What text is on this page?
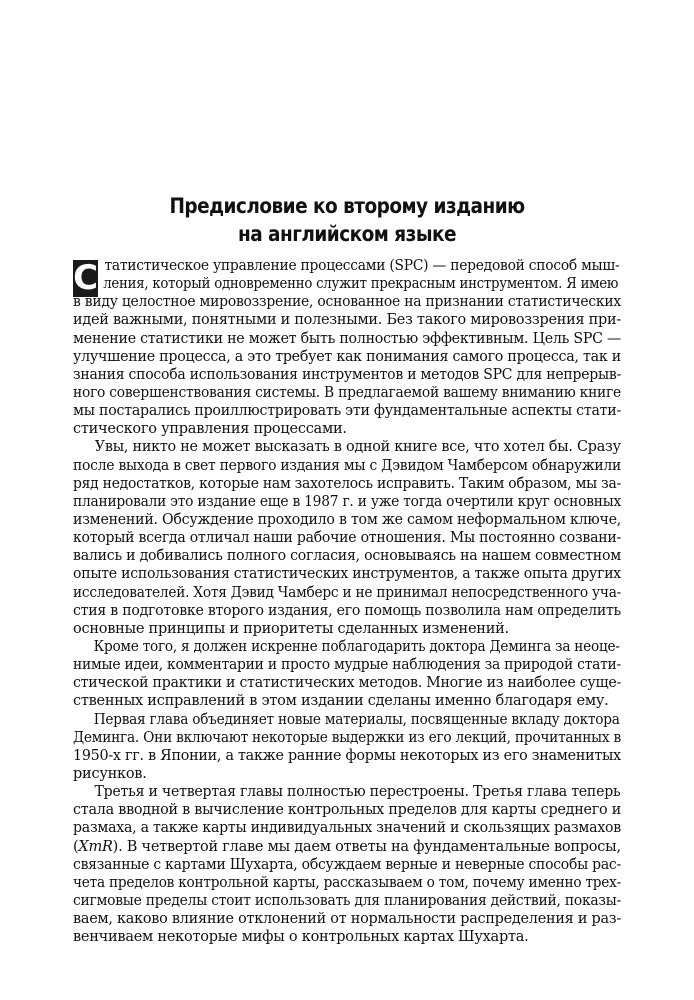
Предисловие ко второму изданию
на английском языке
С татистическое управление процессами (SPC) — передовой способ мыш-
ления, который одновременно служит прекрасным инструментом. Я имею
в виду целостное мировоззрение, основанное на признании статистических
идей важными, понятными и полезными. Без такого мировоззрения при-
менение статистики не может быть полностью эффективным. Цель SPC —
улучшение процесса, а это требует как понимания самого процесса, так и
знания способа использования инструментов и методов SPC для непрерыв-
ного совершенствования системы. В предлагаемой вашему вниманию книге
мы постарались проиллюстрировать эти фундаментальные аспекты стати-
стического управления процессами.
Увы, никто не может высказать в одной книге все, что хотел бы. Сразу
после выхода в свет первого издания мы с Дэвидом Чамберсом обнаружили
ряд недостатков, которые нам захотелось исправить. Таким образом, мы за-
планировали это издание еще в 1987 г. и уже тогда очертили круг основных
изменений. Обсуждение проходило в том же самом неформальном ключе,
который всегда отличал наши рабочие отношения. Мы постоянно созвани-
вались и добивались полного согласия, основываясь на нашем совместном
опыте использования статистических инструментов, а также опыта других
исследователей. Хотя Дэвид Чамберс и не принимал непосредственного уча-
стия в подготовке второго издания, его помощь позволила нам определить
основные принципы и приоритеты сделанных изменений.
Кроме того, я должен искренне поблагодарить доктора Деминга за неоце-
нимые идеи, комментарии и просто мудрые наблюдения за природой стати-
стической практики и статистических методов. Многие из наиболее суще-
ственных исправлений в этом издании сделаны именно благодаря ему.
Первая глава объединяет новые материалы, посвященные вкладу доктора
Деминга. Они включают некоторые выдержки из его лекций, прочитанных в
1950-х гг. в Японии, а также ранние формы некоторых из его знаменитых
рисунков.
Третья и четвертая главы полностью перестроены. Третья глава теперь
стала вводной в вычисление контрольных пределов для карты среднего и
размаха, а также карты индивидуальных значений и скользящих размахов
(XmR). В четвертой главе мы даем ответы на фундаментальные вопросы,
связанные с картами Шухарта, обсуждаем верные и неверные способы рас-
чета пределов контрольной карты, рассказываем о том, почему именно трех-
сигмовые пределы стоит использовать для планирования действий, показы-
ваем, каково влияние отклонений от нормальности распределения и раз-
венчиваем некоторые мифы о контрольных картах Шухарта.
